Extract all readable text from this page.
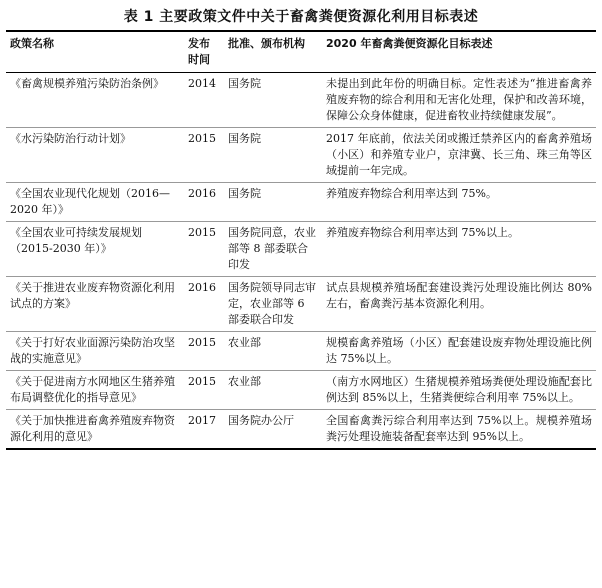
表 1 主要政策文件中关于畜禽粪便资源化利用目标表述
政策名称	发布时间	批准、颁布机构	2020 年畜禽粪便资源化目标表述
《畜禽规模养殖污染防治条例》	2014	国务院	未提出到此年份的明确目标。定性表述为“推进畜禽养殖废弃物的综合利用和无害化处理，保护和改善环境，保障公众身体健康，促进畜牧业持续健康发展”。
《水污染防治行动计划》	2015	国务院	2017 年底前，依法关闭或搬迁禁养区内的畜禽养殖场（小区）和养殖专业户，京津冀、长三角、珠三角等区域提前一年完成。
《全国农业现代化规划（2016—2020 年）》	2016	国务院	养殖废弃物综合利用率达到 75%。
《全国农业可持续发展规划（2015-2030 年）》	2015	国务院同意，农业部等 8 部委联合印发	养殖废弃物综合利用率达到 75%以上。
《关于推进农业废弃物资源化利用试点的方案》	2016	国务院领导同志审定，农业部等 6 部委联合印发	试点县规模养殖场配套建设粪污处理设施比例达 80%左右，畜禽粪污基本资源化利用。
《关于打好农业面源污染防治攻坚战的实施意见》	2015	农业部	规模畜禽养殖场（小区）配套建设废弃物处理设施比例达 75%以上。
《关于促进南方水网地区生猪养殖布局调整优化的指导意见》	2015	农业部	（南方水网地区）生猪规模养殖场粪便处理设施配套比例达到 85%以上，生猪粪便综合利用率 75%以上。
《关于加快推进畜禽养殖废弃物资源化利用的意见》	2017	国务院办公厅	全国畜禽粪污综合利用率达到 75%以上。规模养殖场粪污处理设施装备配套率达到 95%以上。
